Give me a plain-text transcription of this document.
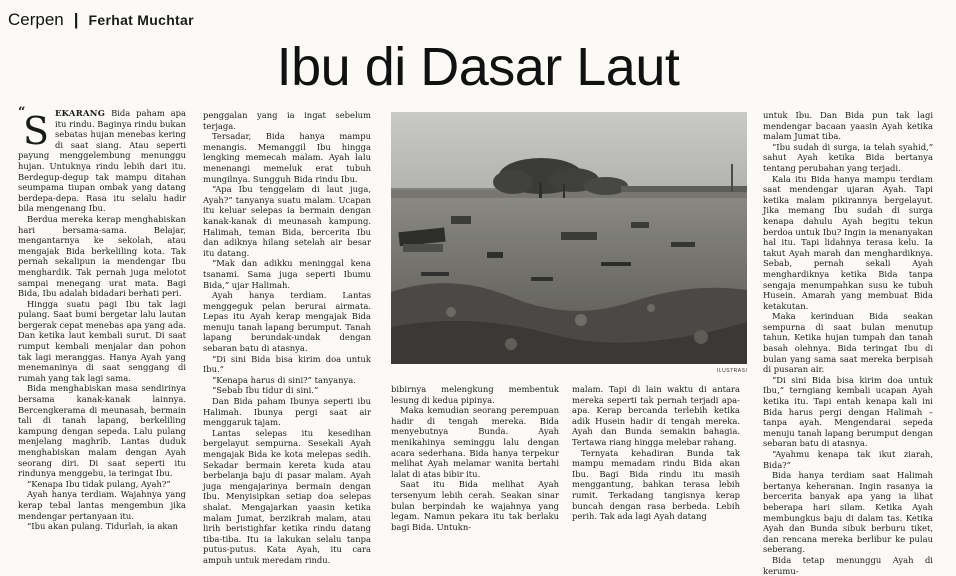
Cerpen | Ferhat Muchtar
Ibu di Dasar Laut

“
S EKARANG Bida paham apa itu rindu. Baginya rindu bukan sebatas hujan menebas kering di saat siang. Atau seperti payung menggelembung menunggu hujan. Untuknya rindu lebih dari itu. Berdegup-degup tak mampu ditahan seumpama tiupan ombak yang datang berdepa-depa. Rasa itu selalu hadir bila mengenang Ibu.

Berdua mereka kerap menghabiskan hari bersama-sama. Belajar, mengantarnya ke sekolah, atau mengajak Bida berkeliling kota. Tak pernah sekalipun ia mendengar Ibu menghardik. Tak pernah juga melotot sampai menegang urat mata. Bagi Bida, Ibu adalah bidadari berhati peri.

Hingga suatu pagi Ibu tak lagi pulang. Saat bumi bergetar lalu lautan bergerak cepat menebas apa yang ada. Dan ketika laut kembali surut. Di saat rumput kembali menjalar dan pohon tak lagi meranggas. Hanya Ayah yang menemaninya di saat senggang di rumah yang tak lagi sama.

Bida menghabiskan masa sendirinya bersama kanak-kanak lainnya. Bercengkerama di meunasah, bermain tali di tanah lapang, berkeliling kampung dengan sepeda. Lalu pulang menjelang maghrib. Lantas duduk menghabiskan malam dengan Ayah seorang diri. Di saat seperti itu rindunya menggebu, ia teringat Ibu.

“Kenapa Ibu tidak pulang, Ayah?”

Ayah hanya terdiam. Wajahnya yang kerap tebal lantas mengembun jika mendengar pertanyaan itu.

“Ibu akan pulang. Tidurlah, ia akan

penggalan yang ia ingat sebelum terjaga.

Tersadar, Bida hanya mampu menangis. Memanggil Ibu hingga lengking memecah malam. Ayah lalu menenangi memeluk erat tubuh mungilnya. Sungguh Bida rindu Ibu.

“Apa Ibu tenggelam di laut juga, Ayah?” tanyanya suatu malam. Ucapan itu keluar selepas ia bermain dengan kanak-kanak di meunasah kampung. Halimah, teman Bida, bercerita Ibu dan adiknya hilang setelah air besar itu datang.

“Mak dan adikku meninggal kena tsanami. Sama juga seperti Ibumu Bida,” ujar Halimah.

Ayah hanya terdiam. Lantas menggeguk pelan berurai airmata. Lepas itu Ayah kerap mengajak Bida menuju tanah lapang berumput. Tanah lapang berundak-undak dengan sebaran batu di atasnya.

“Di sini Bida bisa kirim doa untuk Ibu.”

“Kenapa harus di sini?” tanyanya.

“Sebab Ibu tidur di sini.”

Dan Bida paham Ibunya seperti ibu Halimah. Ibunya pergi saat air menggaruk tajam.

Lantas selepas itu kesedihan bergelayut sempurna. Sesekali Ayah mengajak Bida ke kota melepas sedih. Sekadar bermain kereta kuda atau berbelanja baju di pasar malam. Ayah juga mengajarinya bermain dengan Ibu. Menyisipkan setiap doa selepas shalat. Mengajarkan yaasin ketika malam Jumat, berzikrah malam, atau lirih beristighfar ketika rindu datang tiba-tiba. Itu ia lakukan selalu tanpa putus-putus. Kata Ayah, itu cara ampuh untuk meredam rindu.

ILUSTRASI

bibirnya melengkung membentuk lesung di kedua pipinya.

Maka kemudian seorang perempuan hadir di tengah mereka. Bida menyebutnya Bunda. Ayah menikahinya seminggu lalu dengan acara sederhana. Bida hanya terpekur melihat Ayah melamar wanita bertahi lalat di atas bibir itu.

Saat itu Bida melihat Ayah tersenyum lebih cerah. Seakan sinar bulan berpindah ke wajahnya yang legam. Namun pekara itu tak berlaku bagi Bida. Untukn-

malam. Tapi di lain waktu di antara mereka seperti tak pernah terjadi apa-apa. Kerap bercanda terlebih ketika adik Husein hadir di tengah mereka. Ayah dan Bunda semakin bahagia. Tertawa riang hingga melebar rahang.

Ternyata kehadiran Bunda tak mampu memadam rindu Bida akan Ibu. Bagi Bida rindu itu masih menggantung, bahkan terasa lebih rumit. Terkadang tangisnya kerap buncah dengan rasa berbeda. Lebih perih. Tak ada lagi Ayah datang

untuk Ibu. Dan Bida pun tak lagi mendengar bacaan yaasin Ayah ketika malam Jumat tiba.

“Ibu sudah di surga, ia telah syahid,” sahut Ayah ketika Bida bertanya tentang perubahan yang terjadi.

Kala itu Bida hanya mampu terdiam saat mendengar ujaran Ayah. Tapi ketika malam pikirannya bergelayut. Jika memang Ibu sudah di surga kenapa dahulu Ayah begitu tekun berdoa untuk Ibu? Ingin ia menanyakan hal itu. Tapi lidahnya terasa kelu. Ia takut Ayah marah dan menghardiknya. Sebab, pernah sekali Ayah menghardiknya ketika Bida tanpa sengaja menumpahkan susu ke tubuh Husein. Amarah yang membuat Bida ketakutan.

Maka kerinduan Bida seakan sempurna di saat bulan menutup tahun. Ketika hujan tumpah dan tanah basah olehnya. Bida teringat Ibu di bulan yang sama saat mereka berpisah di pusaran air.

“Di sini Bida bisa kirim doa untuk Ibu,” terngiang kembali ucapan Ayah ketika itu. Tapi entah kenapa kali ini Bida harus pergi dengan Halimah – tanpa ayah. Mengendarai sepeda menuju tanah lapang berumput dengan sebaran batu di atasnya.

“Ayahmu kenapa tak ikut ziarah, Bida?”

Bida hanya terdiam saat Halimah bertanya keheranan. Ingin rasanya ia bercerita banyak apa yang ia lihat beberapa hari silam. Ketika Ayah membungkus baju di dalam tas. Ketika Ayah dan Bunda sibuk berburu tiket, dan rencana mereka berlibur ke pulau seberang.

Bida tetap menunggu Ayah di kerumu-
